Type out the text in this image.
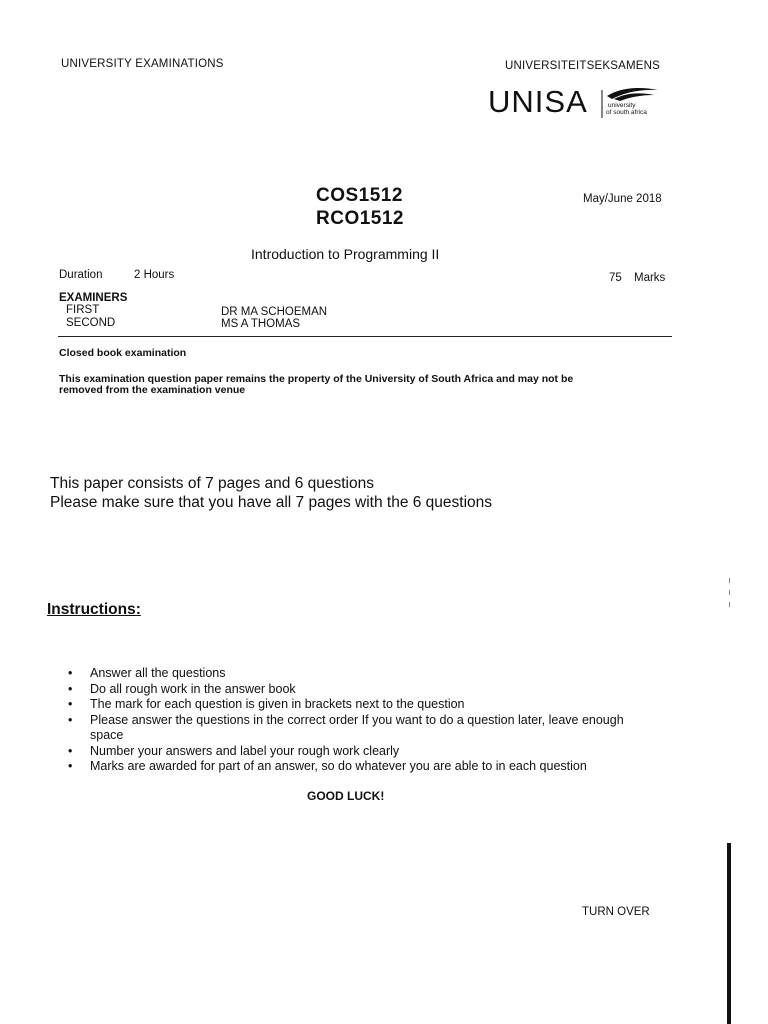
UNIVERSITY EXAMINATIONS	UNIVERSITEITSEKSAMENS
UNISA	university
of south africa
COS1512
RCO1512
May/June 2018
Introduction to Programming II
Duration	2 Hours	75 Marks
EXAMINERS
FIRST	DR MA SCHOEMAN
SECOND	MS A THOMAS
Closed book examination
This examination question paper remains the property of the University of South Africa and may not be
removed from the examination venue
This paper consists of 7 pages and 6 questions
Please make sure that you have all 7 pages with the 6 questions
Instructions:
• Answer all the questions
• Do all rough work in the answer book
• The mark for each question is given in brackets next to the question
• Please answer the questions in the correct order If you want to do a question later, leave enough space
• Number your answers and label your rough work clearly
• Marks are awarded for part of an answer, so do whatever you are able to in each question
GOOD LUCK!
TURN OVER
